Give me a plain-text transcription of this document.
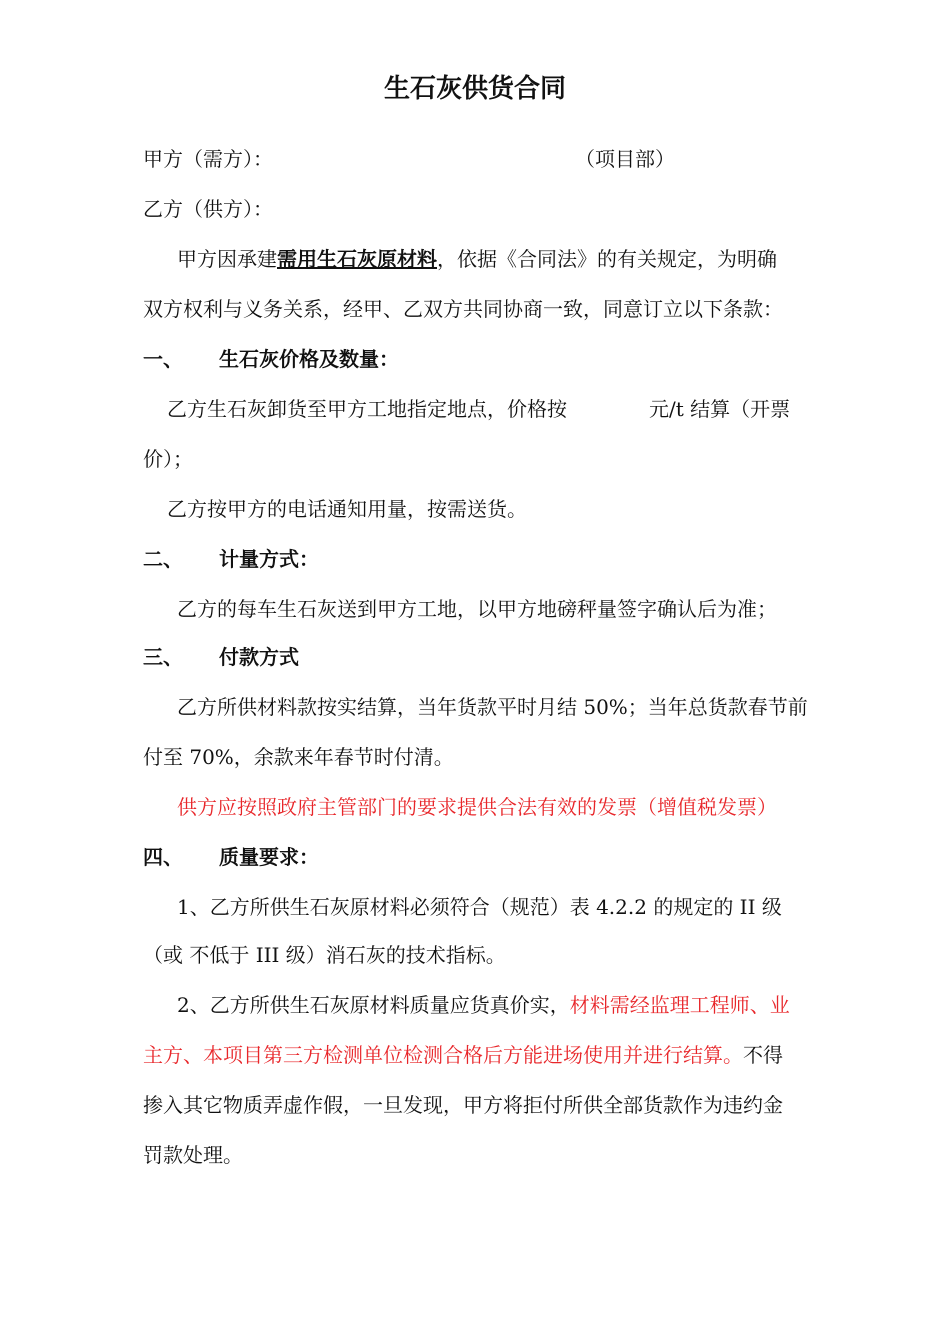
生石灰供货合同
甲方（需方）：	（项目部）
乙方（供方）：
甲方因承建需用生石灰原材料，依据《合同法》的有关规定，为明确
双方权利与义务关系，经甲、乙双方共同协商一致，同意订立以下条款：
一、 生石灰价格及数量：
乙方生石灰卸货至甲方工地指定地点，价格按	元/t 结算（开票
价）；
乙方按甲方的电话通知用量，按需送货。
二、 计量方式：
乙方的每车生石灰送到甲方工地，以甲方地磅秤量签字确认后为准；
三、 付款方式
乙方所供材料款按实结算，当年货款平时月结 50%；当年总货款春节前
付至 70%，余款来年春节时付清。
供方应按照政府主管部门的要求提供合法有效的发票（增值税发票）
四、 质量要求：
1、乙方所供生石灰原材料必须符合（规范）表 4.2.2 的规定的 II 级
（或 不低于 III 级）消石灰的技术指标。
2、乙方所供生石灰原材料质量应货真价实，材料需经监理工程师、业
主方、本项目第三方检测单位检测合格后方能进场使用并进行结算。不得
掺入其它物质弄虚作假，一旦发现，甲方将拒付所供全部货款作为违约金
罚款处理。
